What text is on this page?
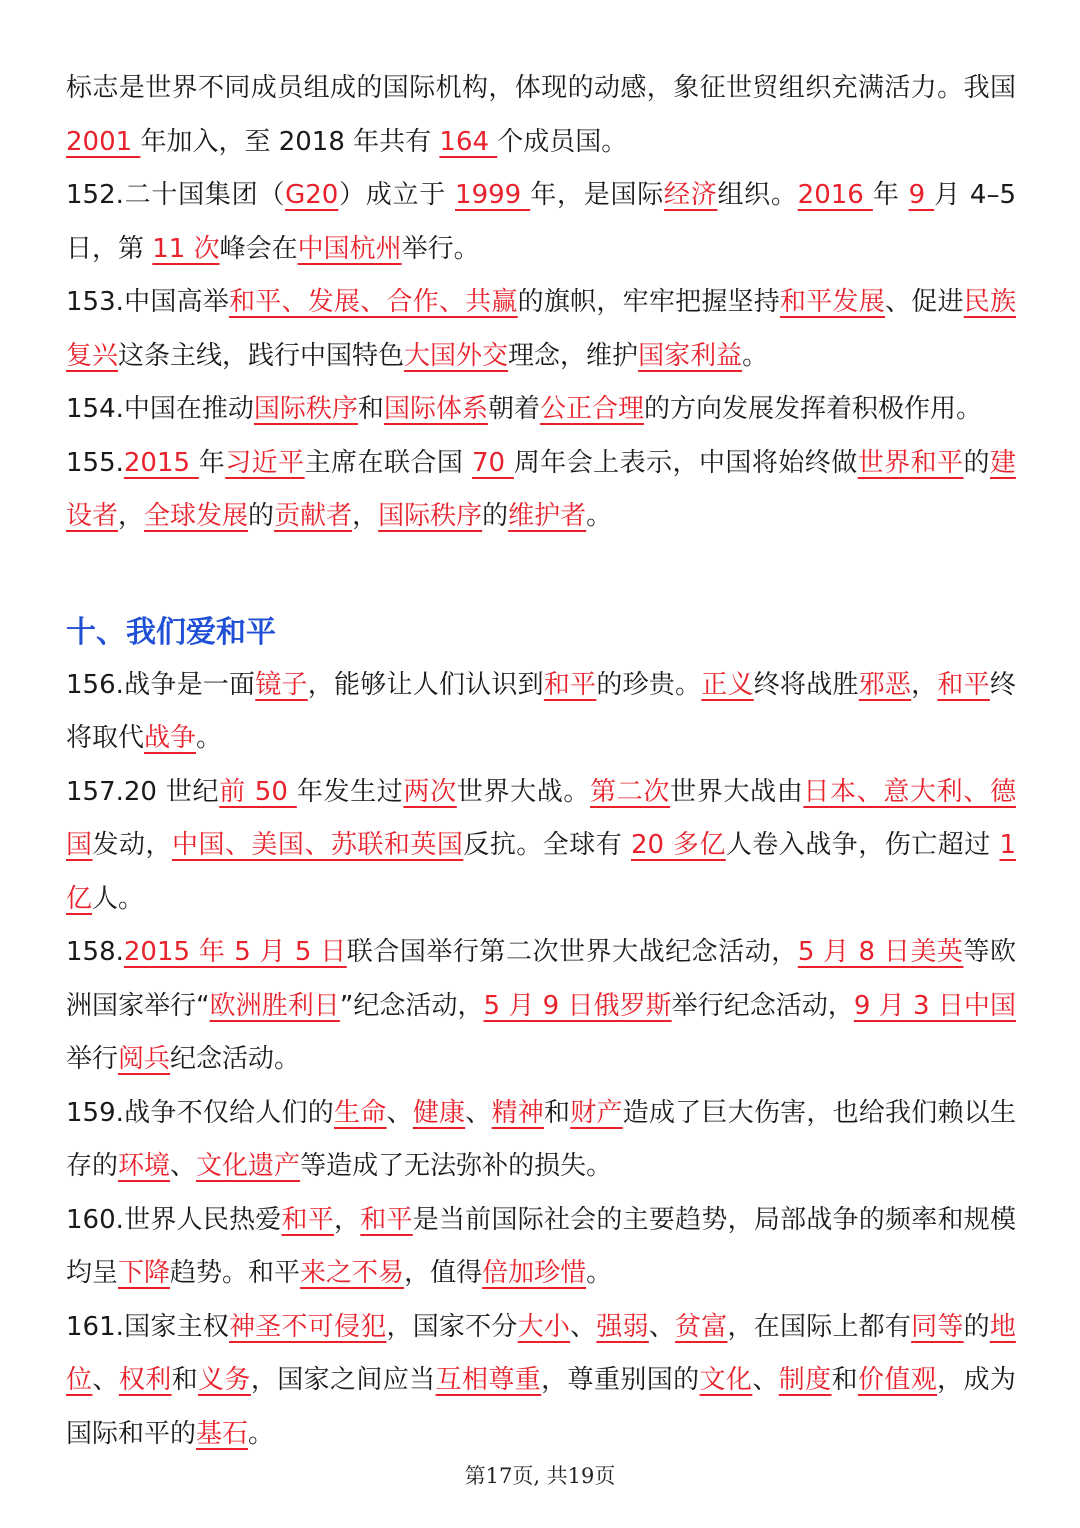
标志是世界不同成员组成的国际机构，体现的动感，象征世贸组织充满活力。我国 2001 年加入，至 2018 年共有 164 个成员国。

152.二十国集团（G20）成立于 1999 年，是国际经济组织。2016 年 9 月 4–5 日，第 11 次峰会在中国杭州举行。

153.中国高举和平、发展、合作、共赢的旗帜，牢牢把握坚持和平发展、促进民族复兴这条主线，践行中国特色大国外交理念，维护国家利益。

154.中国在推动国际秩序和国际体系朝着公正合理的方向发展发挥着积极作用。

155.2015 年习近平主席在联合国 70 周年会上表示，中国将始终做世界和平的建设者，全球发展的贡献者，国际秩序的维护者。

十、我们爱和平

156.战争是一面镜子，能够让人们认识到和平的珍贵。正义终将战胜邪恶，和平终将取代战争。

157.20 世纪前 50 年发生过两次世界大战。第二次世界大战由日本、意大利、德国发动，中国、美国、苏联和英国反抗。全球有 20 多亿人卷入战争，伤亡超过 1 亿人。

158.2015 年 5 月 5 日联合国举行第二次世界大战纪念活动，5 月 8 日美英等欧洲国家举行“欧洲胜利日”纪念活动，5 月 9 日俄罗斯举行纪念活动，9 月 3 日中国举行阅兵纪念活动。

159.战争不仅给人们的生命、健康、精神和财产造成了巨大伤害，也给我们赖以生存的环境、文化遗产等造成了无法弥补的损失。

160.世界人民热爱和平，和平是当前国际社会的主要趋势，局部战争的频率和规模均呈下降趋势。和平来之不易，值得倍加珍惜。

161.国家主权神圣不可侵犯，国家不分大小、强弱、贫富，在国际上都有同等的地位、权利和义务，国家之间应当互相尊重，尊重别国的文化、制度和价值观，成为国际和平的基石。

第17页, 共19页
